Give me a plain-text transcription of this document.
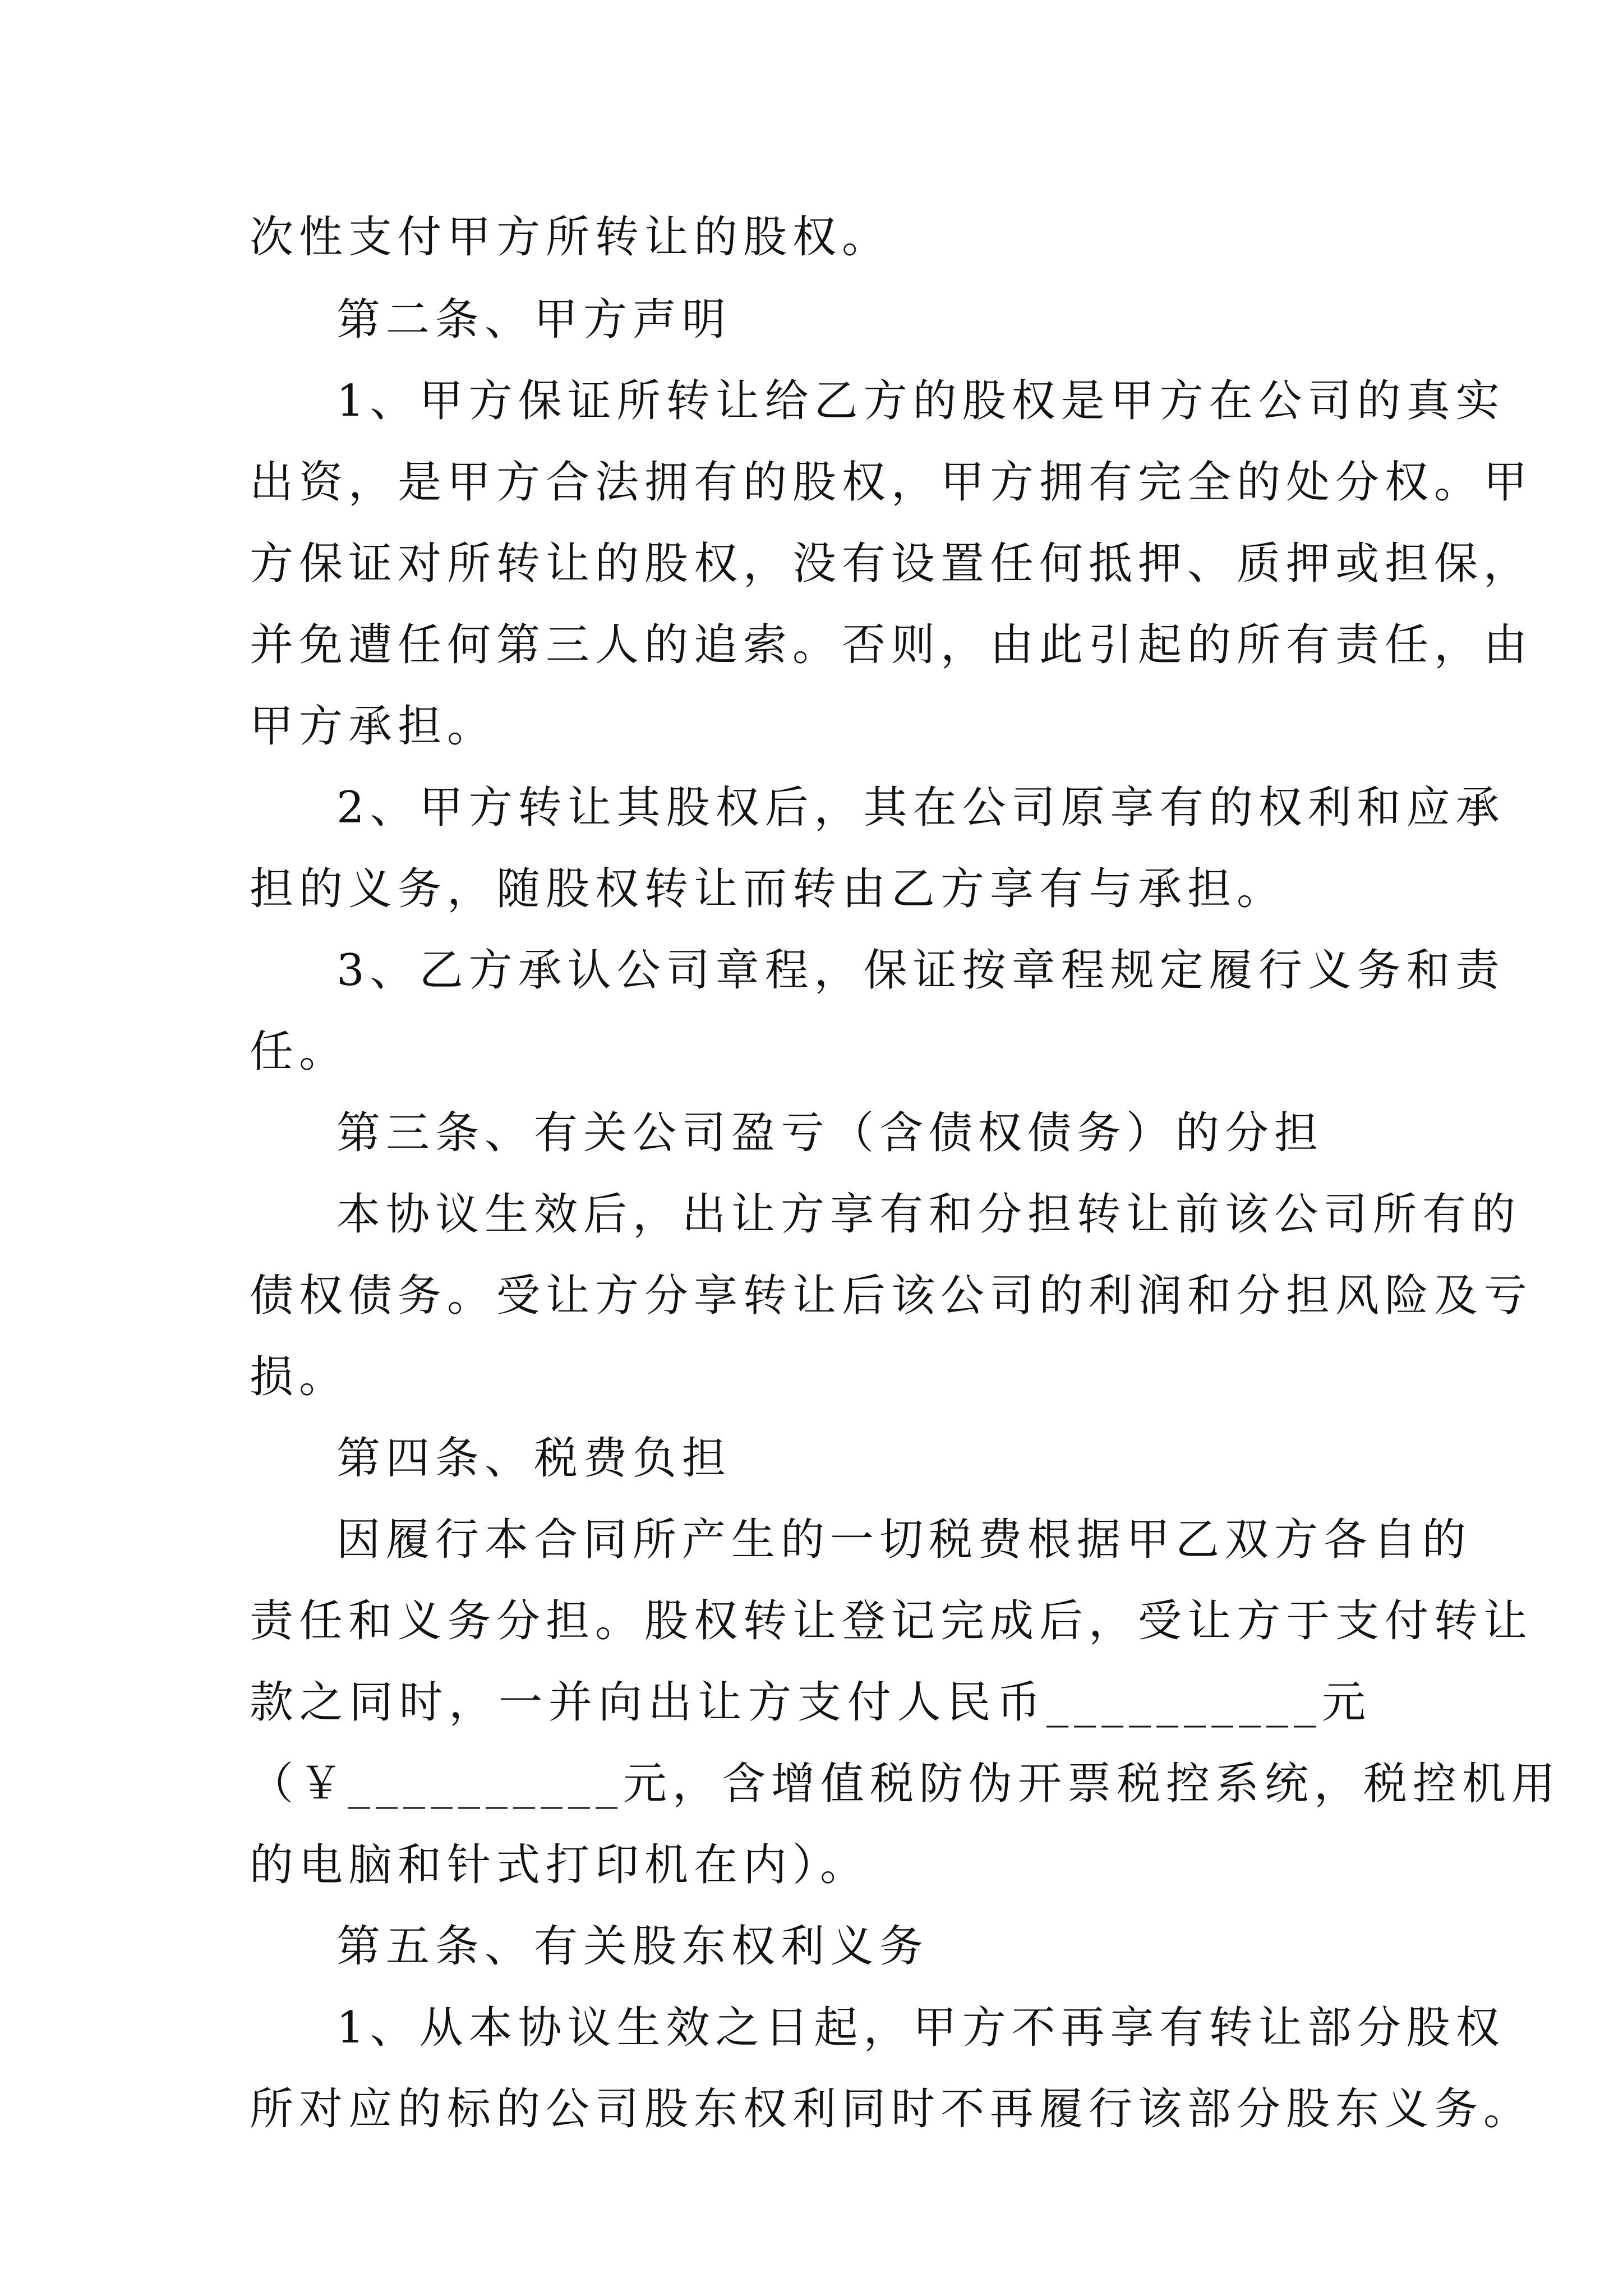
次性支付甲方所转让的股权。
第二条、甲方声明
1、甲方保证所转让给乙方的股权是甲方在公司的真实
出资，是甲方合法拥有的股权，甲方拥有完全的处分权。甲
方保证对所转让的股权，没有设置任何抵押、质押或担保，
并免遭任何第三人的追索。否则，由此引起的所有责任，由
甲方承担。
2、甲方转让其股权后，其在公司原享有的权利和应承
担的义务，随股权转让而转由乙方享有与承担。
3、乙方承认公司章程，保证按章程规定履行义务和责
任。
第三条、有关公司盈亏（含债权债务）的分担
本协议生效后，出让方享有和分担转让前该公司所有的
债权债务。受让方分享转让后该公司的利润和分担风险及亏
损。
第四条、税费负担
因履行本合同所产生的一切税费根据甲乙双方各自的
责任和义务分担。股权转让登记完成后，受让方于支付转让
款之同时，一并向出让方支付人民币__________元
（￥__________元，含增值税防伪开票税控系统，税控机用
的电脑和针式打印机在内）。
第五条、有关股东权利义务
1、从本协议生效之日起，甲方不再享有转让部分股权
所对应的标的公司股东权利同时不再履行该部分股东义务。
